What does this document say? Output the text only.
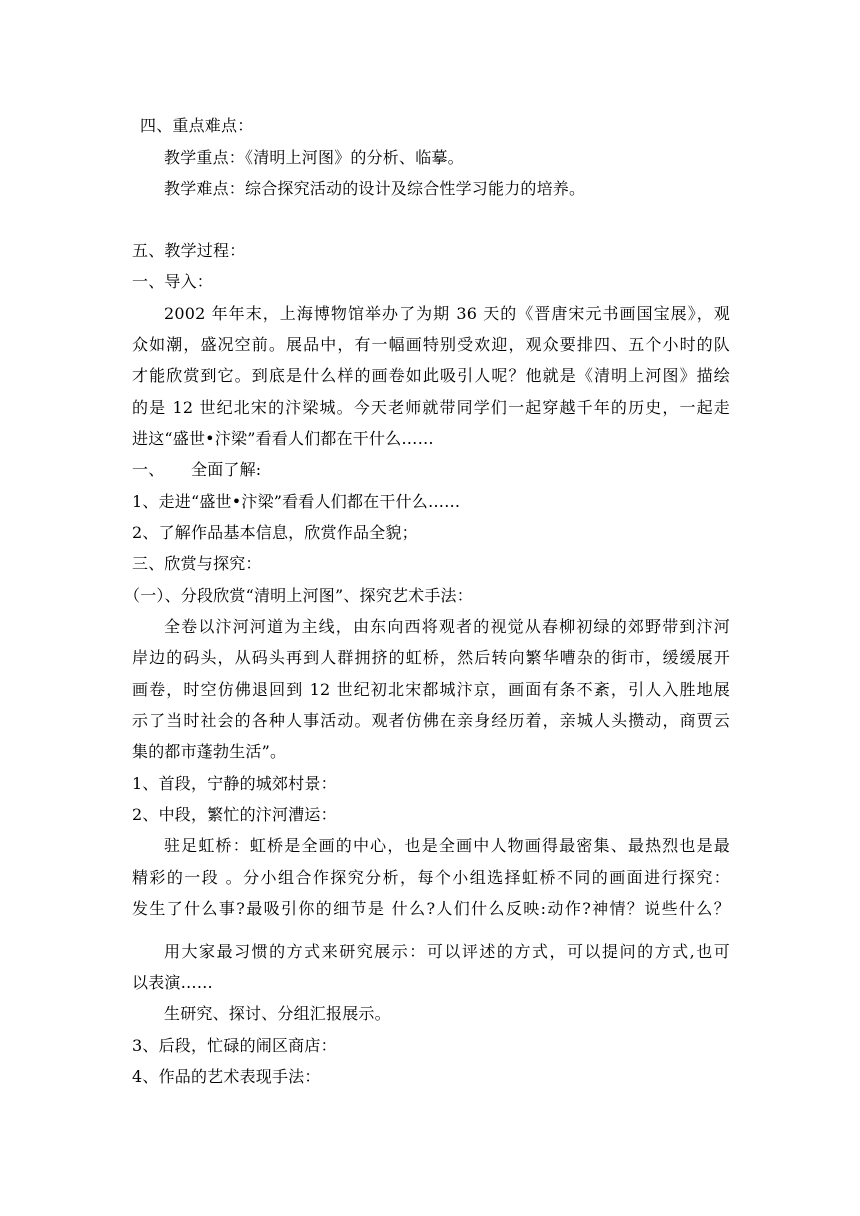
四、重点难点：
教学重点：《清明上河图》的分析、临摹。
教学难点：综合探究活动的设计及综合性学习能力的培养。
五、教学过程：
一、导入：
2002 年年末，上海博物馆举办了为期 36 天的《晋唐宋元书画国宝展》，观
众如潮，盛况空前。展品中，有一幅画特别受欢迎，观众要排四、五个小时的队
才能欣赏到它。到底是什么样的画卷如此吸引人呢？他就是《清明上河图》描绘
的是 12 世纪北宋的汴梁城。今天老师就带同学们一起穿越千年的历史，一起走
进这“盛世•汴梁”看看人们都在干什么……
一、	全面了解:
1、走进“盛世•汴梁”看看人们都在干什么……
2、了解作品基本信息，欣赏作品全貌；
三、欣赏与探究：
（一）、分段欣赏“清明上河图”、探究艺术手法：
全卷以汴河河道为主线，由东向西将观者的视觉从春柳初绿的郊野带到汴河
岸边的码头，从码头再到人群拥挤的虹桥，然后转向繁华嘈杂的街市，缓缓展开
画卷，时空仿佛退回到 12 世纪初北宋都城汴京，画面有条不紊，引人入胜地展
示了当时社会的各种人事活动。观者仿佛在亲身经历着，亲城人头攒动，商贾云
集的都市蓬勃生活”。
1、首段，宁静的城郊村景：
2、中段，繁忙的汴河漕运：
驻足虹桥：虹桥是全画的中心，也是全画中人物画得最密集、最热烈也是最
精彩的一段 。分小组合作探究分析，每个小组选择虹桥不同的画面进行探究：
发生了什么事?最吸引你的细节是 什么?人们什么反映:动作?神情？说些什么？
用大家最习惯的方式来研究展示：可以评述的方式，可以提问的方式,也可
以表演……
生研究、探讨、分组汇报展示。
3、后段，忙碌的闹区商店：
4、作品的艺术表现手法：
